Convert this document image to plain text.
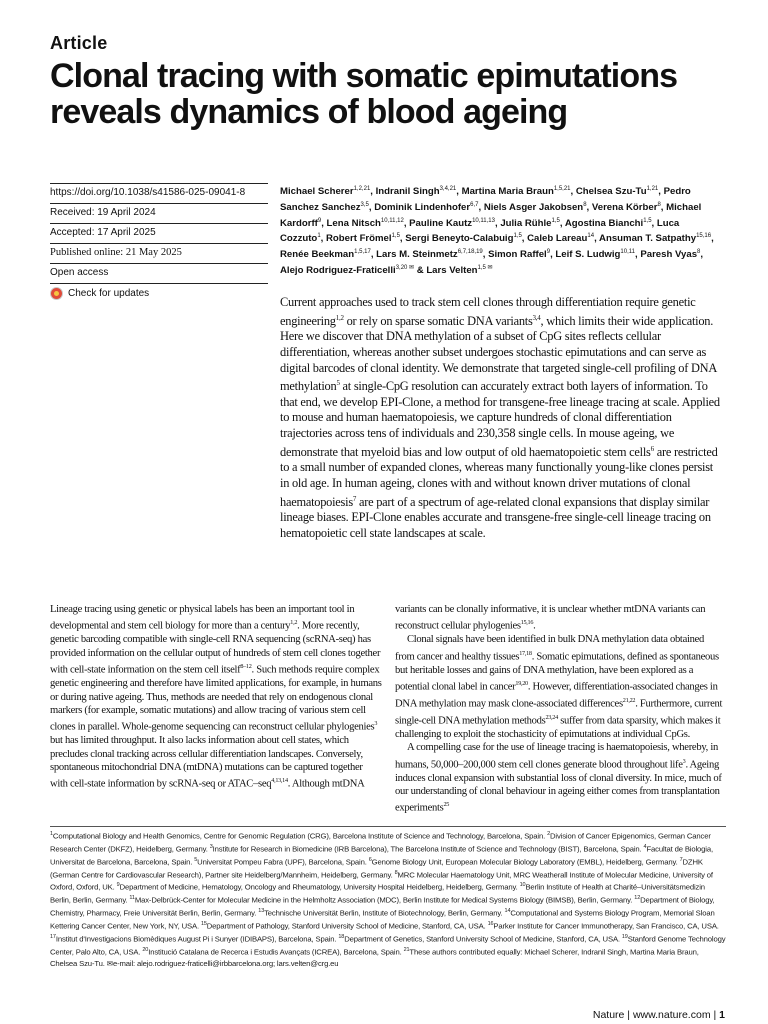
Article
Clonal tracing with somatic epimutations reveals dynamics of blood ageing
https://doi.org/10.1038/s41586-025-09041-8
Received: 19 April 2024
Accepted: 17 April 2025
Published online: 21 May 2025
Open access
Check for updates
Michael Scherer$^{1,2,21}$, Indranil Singh$^{3,4,21}$, Martina Maria Braun$^{1,5,21}$, Chelsea Szu-Tu$^{1,21}$, Pedro Sanchez Sanchez$^{3,5}$, Dominik Lindenhofer$^{6,7}$, Niels Asger Jakobsen$^8$, Verena Körber$^8$, Michael Kardorff$^9$, Lena Nitsch$^{10,11,12}$, Pauline Kautz$^{10,11,13}$, Julia Rühle$^{1,5}$, Agostina Bianchi$^{1,5}$, Luca Cozzuto$^1$, Robert Frömel$^{1,5}$, Sergi Beneyto-Calabuig$^{1,5}$, Caleb Lareau$^{14}$, Ansuman T. Satpathy$^{15,16}$, Renée Beekman$^{1,5,17}$, Lars M. Steinmetz$^{6,7,18,19}$, Simon Raffel$^9$, Leif S. Ludwig$^{10,11}$, Paresh Vyas$^8$, Alejo Rodriguez-Fraticelli$^{3,20 ✉}$ & Lars Velten$^{1,5 ✉}$
Current approaches used to track stem cell clones through differentiation require genetic engineering$^{1,2}$ or rely on sparse somatic DNA variants$^{3,4}$, which limits their wide application. Here we discover that DNA methylation of a subset of CpG sites reflects cellular differentiation, whereas another subset undergoes stochastic epimutations and can serve as digital barcodes of clonal identity. We demonstrate that targeted single-cell profiling of DNA methylation$^5$ at single-CpG resolution can accurately extract both layers of information. To that end, we develop EPI-Clone, a method for transgene-free lineage tracing at scale. Applied to mouse and human haematopoiesis, we capture hundreds of clonal differentiation trajectories across tens of individuals and 230,358 single cells. In mouse ageing, we demonstrate that myeloid bias and low output of old haematopoietic stem cells$^6$ are restricted to a small number of expanded clones, whereas many functionally young-like clones persist in old age. In human ageing, clones with and without known driver mutations of clonal haematopoiesis$^7$ are part of a spectrum of age-related clonal expansions that display similar lineage biases. EPI-Clone enables accurate and transgene-free single-cell lineage tracing on hematopoietic cell state landscapes at scale.

Lineage tracing using genetic or physical labels has been an important tool in developmental and stem cell biology for more than a century$^{1,2}$. More recently, genetic barcoding compatible with single-cell RNA sequencing (scRNA-seq) has provided information on the cellular output of hundreds of stem cell clones together with cell-state information on the stem cell itself$^{8-12}$. Such methods require complex genetic engineering and therefore have limited applications, for example, in humans or during native ageing. Thus, methods are needed that rely on endogenous clonal markers (for example, somatic mutations) and allow tracing of various stem cell clones in parallel. Whole-genome sequencing can reconstruct cellular phylogenies$^3$ but has limited throughput. It also lacks information about cell states, which precludes clonal tracking across cellular differentiation landscapes. Conversely, spontaneous mitochondrial DNA (mtDNA) mutations can be captured together with cell-state information by scRNA-seq or ATAC–seq$^{4,13,14}$. Although mtDNA

variants can be clonally informative, it is unclear whether mtDNA variants can reconstruct cellular phylogenies$^{15,16}$.

Clonal signals have been identified in bulk DNA methylation data obtained from cancer and healthy tissues$^{17,18}$. Somatic epimutations, defined as spontaneous but heritable losses and gains of DNA methylation, have been explored as a potential clonal label in cancer$^{19,20}$. However, differentiation-associated changes in DNA methylation may mask clone-associated differences$^{21,22}$. Furthermore, current single-cell DNA methylation methods$^{23,24}$ suffer from data sparsity, which makes it challenging to exploit the stochasticity of epimutations at individual CpGs.

A compelling case for the use of lineage tracing is haematopoiesis, whereby, in humans, 50,000–200,000 stem cell clones generate blood throughout life$^3$. Ageing induces clonal expansion with substantial loss of clonal diversity. In mice, much of our understanding of clonal behaviour in ageing either comes from transplantation experiments$^{25}$

$^1$Computational Biology and Health Genomics, Centre for Genomic Regulation (CRG), Barcelona Institute of Science and Technology, Barcelona, Spain. $^2$Division of Cancer Epigenomics, German Cancer Research Center (DKFZ), Heidelberg, Germany. $^3$Institute for Research in Biomedicine (IRB Barcelona), The Barcelona Institute of Science and Technology (BIST), Barcelona, Spain. $^4$Facultat de Biologia, Universitat de Barcelona, Barcelona, Spain. $^5$Universitat Pompeu Fabra (UPF), Barcelona, Spain. $^6$Genome Biology Unit, European Molecular Biology Laboratory (EMBL), Heidelberg, Germany. $^7$DZHK (German Centre for Cardiovascular Research), Partner site Heidelberg/Mannheim, Heidelberg, Germany. $^8$MRC Molecular Haematology Unit, MRC Weatherall Institute of Molecular Medicine, University of Oxford, Oxford, UK. $^9$Department of Medicine, Hematology, Oncology and Rheumatology, University Hospital Heidelberg, Heidelberg, Germany. $^{10}$Berlin Institute of Health at Charité–Universitätsmedizin Berlin, Berlin, Germany. $^{11}$Max-Delbrück-Center for Molecular Medicine in the Helmholtz Association (MDC), Berlin Institute for Medical Systems Biology (BIMSB), Berlin, Germany. $^{12}$Department of Biology, Chemistry, Pharmacy, Freie Universität Berlin, Berlin, Germany. $^{13}$Technische Universität Berlin, Institute of Biotechnology, Berlin, Germany. $^{14}$Computational and Systems Biology Program, Memorial Sloan Kettering Cancer Center, New York, NY, USA. $^{15}$Department of Pathology, Stanford University School of Medicine, Stanford, CA, USA. $^{16}$Parker Institute for Cancer Immunotherapy, San Francisco, CA, USA. $^{17}$Institut d'Investigacions Biomèdiques August Pi i Sunyer (IDIBAPS), Barcelona, Spain. $^{18}$Department of Genetics, Stanford University School of Medicine, Stanford, CA, USA. $^{19}$Stanford Genome Technology Center, Palo Alto, CA, USA. $^{20}$Institució Catalana de Recerca i Estudis Avançats (ICREA), Barcelona, Spain. $^{21}$These authors contributed equally: Michael Scherer, Indranil Singh, Martina Maria Braun, Chelsea Szu-Tu. ✉e-mail: alejo.rodriguez-fraticelli@irbbarcelona.org; lars.velten@crg.eu
Nature | www.nature.com | 1
